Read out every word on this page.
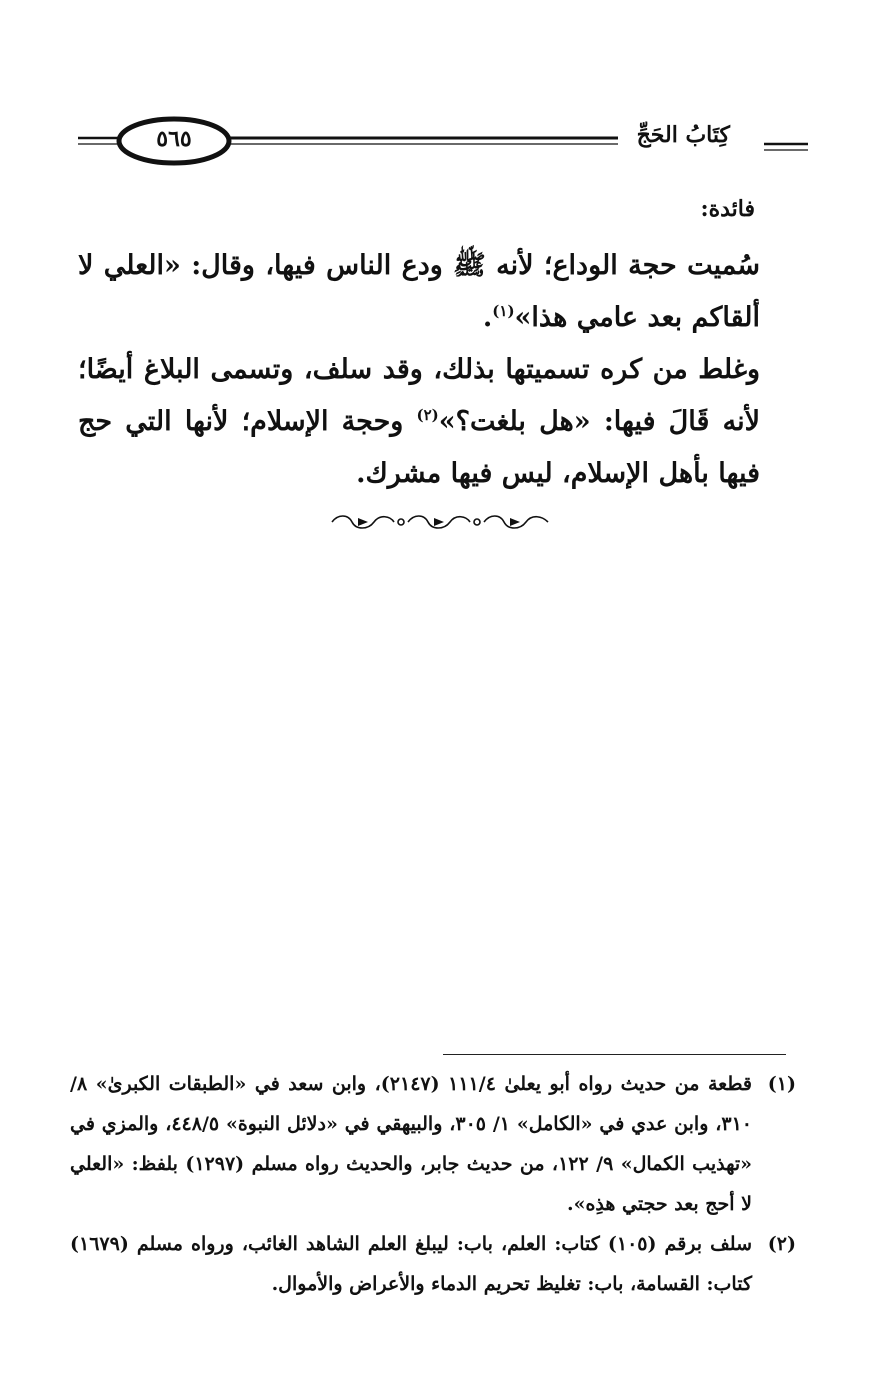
٥٦٥	كِتَابُ الحَجِّ
فائدة:

سُميت حجة الوداع؛ لأنه ﷺ ودع الناس فيها، وقال: «العلي لا ألقاكم بعد عامي هذا»$^{(١)}$.

وغلط من كره تسميتها بذلك، وقد سلف، وتسمى البلاغ أيضًا؛ لأنه قَالَ فيها: «هل بلغت؟»$^{(٢)}$ وحجة الإسلام؛ لأنها التي حج فيها بأهل الإسلام، ليس فيها مشرك.

(١)
قطعة من حديث رواه أبو يعلىٰ ١١١/٤ (٢١٤٧)، وابن سعد في «الطبقات الكبرىٰ» ٨/ ٣١٠، وابن عدي في «الكامل» ١/ ٣٠٥، والبيهقي في «دلائل النبوة» ٤٤٨/٥، والمزي في «تهذيب الكمال» ٩/ ١٢٢، من حديث جابر، والحديث رواه مسلم (١٢٩٧) بلفظ: «العلي لا أحج بعد حجتي هذِه».
(٢)
سلف برقم (١٠٥) كتاب: العلم، باب: ليبلغ العلم الشاهد الغائب، ورواه مسلم (١٦٧٩) كتاب: القسامة، باب: تغليظ تحريم الدماء والأعراض والأموال.
